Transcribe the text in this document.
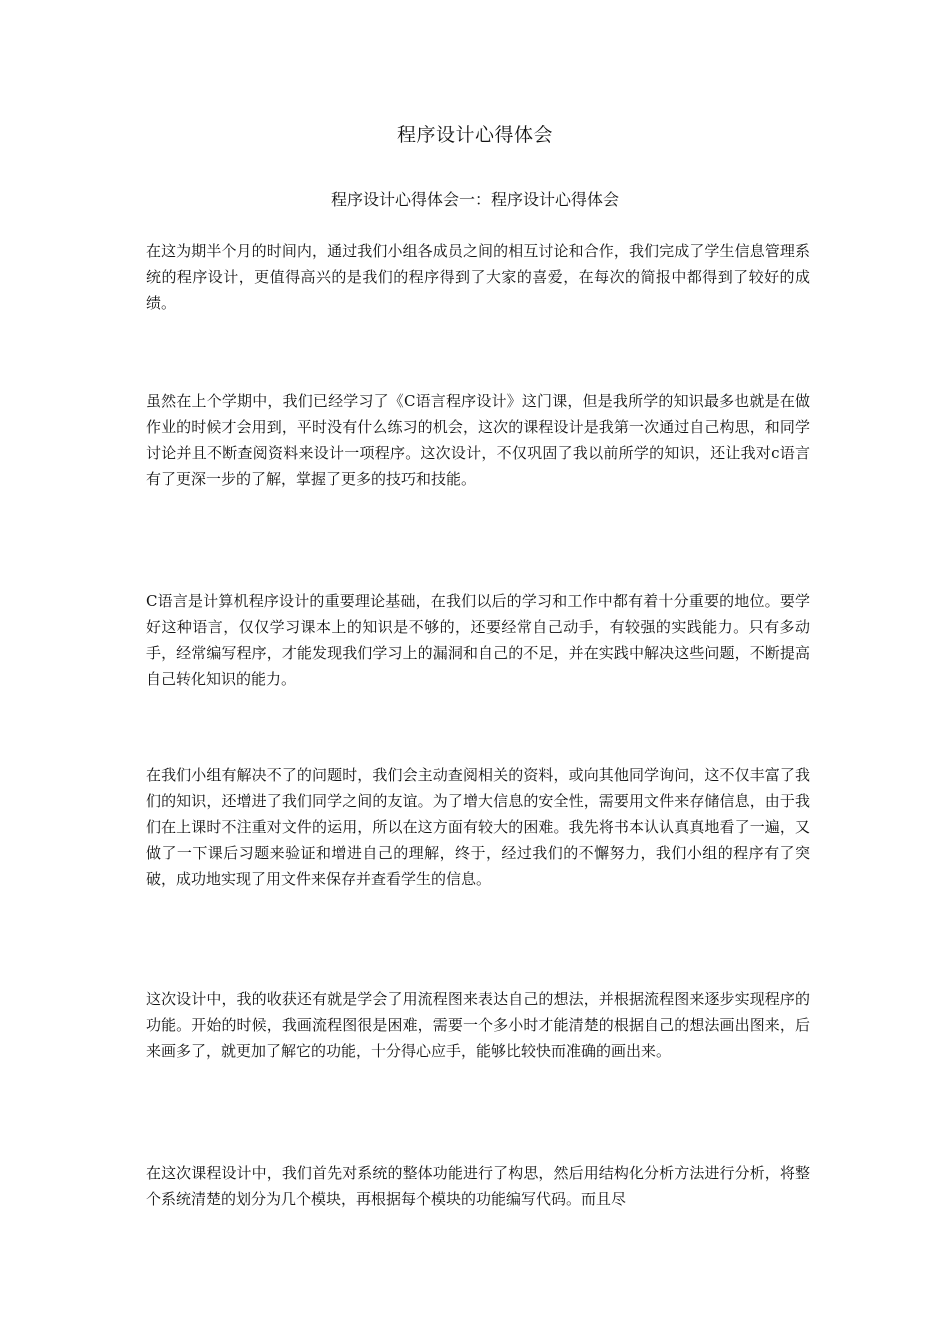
程序设计心得体会
程序设计心得体会一：程序设计心得体会

在这为期半个月的时间内，通过我们小组各成员之间的相互讨论和合作，我们完成了学生信息管理系统的程序设计，更值得高兴的是我们的程序得到了大家的喜爱，在每次的简报中都得到了较好的成绩。

虽然在上个学期中，我们已经学习了《C语言程序设计》这门课，但是我所学的知识最多也就是在做作业的时候才会用到，平时没有什么练习的机会，这次的课程设计是我第一次通过自己构思，和同学讨论并且不断查阅资料来设计一项程序。这次设计，不仅巩固了我以前所学的知识，还让我对c语言有了更深一步的了解，掌握了更多的技巧和技能。

C语言是计算机程序设计的重要理论基础，在我们以后的学习和工作中都有着十分重要的地位。要学好这种语言，仅仅学习课本上的知识是不够的，还要经常自己动手，有较强的实践能力。只有多动手，经常编写程序，才能发现我们学习上的漏洞和自己的不足，并在实践中解决这些问题，不断提高自己转化知识的能力。

在我们小组有解决不了的问题时，我们会主动查阅相关的资料，或向其他同学询问，这不仅丰富了我们的知识，还增进了我们同学之间的友谊。为了增大信息的安全性，需要用文件来存储信息，由于我们在上课时不注重对文件的运用，所以在这方面有较大的困难。我先将书本认认真真地看了一遍，又做了一下课后习题来验证和增进自己的理解，终于，经过我们的不懈努力，我们小组的程序有了突破，成功地实现了用文件来保存并查看学生的信息。

这次设计中，我的收获还有就是学会了用流程图来表达自己的想法，并根据流程图来逐步实现程序的功能。开始的时候，我画流程图很是困难，需要一个多小时才能清楚的根据自己的想法画出图来，后来画多了，就更加了解它的功能，十分得心应手，能够比较快而准确的画出来。

在这次课程设计中，我们首先对系统的整体功能进行了构思，然后用结构化分析方法进行分析，将整个系统清楚的划分为几个模块，再根据每个模块的功能编写代码。而且尽
